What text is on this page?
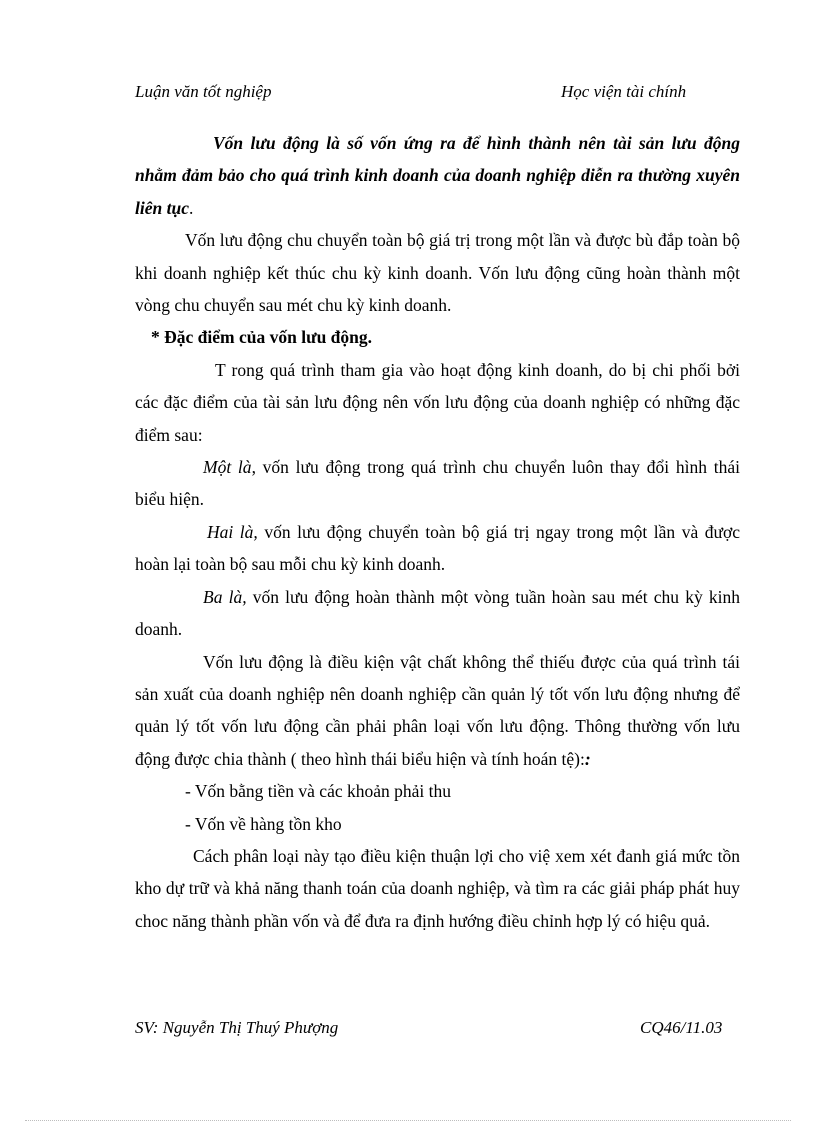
Luận văn tốt nghiệp	Học viện tài chính

Vốn lưu động là số vốn ứng ra để hình thành nên tài sản lưu động nhằm đảm bảo cho quá trình kinh doanh của doanh nghiệp diễn ra thường xuyên liên tục.

Vốn lưu động chu chuyển toàn bộ giá trị trong một lần và được bù đắp toàn bộ khi doanh nghiệp kết thúc chu kỳ kinh doanh. Vốn lưu động cũng hoàn thành một vòng chu chuyển sau mét chu kỳ kinh doanh.

* Đặc điểm của vốn lưu động.

T rong quá trình tham gia vào hoạt động kinh doanh, do bị chi phối bởi các đặc điểm của tài sản lưu động nên vốn lưu động của doanh nghiệp có những đặc điểm sau:

Một là, vốn lưu động trong quá trình chu chuyển luôn thay đổi hình thái biểu hiện.

Hai là, vốn lưu động chuyển toàn bộ giá trị ngay trong một lần và được hoàn lại toàn bộ sau mỗi chu kỳ kinh doanh.

Ba là, vốn lưu động hoàn thành một vòng tuần hoàn sau mét chu kỳ kinh doanh.

Vốn lưu động là điều kiện vật chất không thể thiếu được của quá trình tái sản xuất của doanh nghiệp nên doanh nghiệp cần quản lý tốt vốn lưu động nhưng để quản lý tốt vốn lưu động cần phải phân loại vốn lưu động. Thông thường vốn lưu động được chia thành ( theo hình thái biểu hiện và tính hoán tệ)::

- Vốn bằng tiền và các khoản phải thu

- Vốn về hàng tồn kho

Cách phân loại này tạo điều kiện thuận lợi cho việ xem xét đanh giá mức tồn kho dự trữ và khả năng thanh toán của doanh nghiệp, và tìm ra các giải pháp phát huy choc năng thành phần vốn và để đưa ra định hướng điều chỉnh hợp lý có hiệu quả.

SV: Nguyễn Thị Thuý Phượng	CQ46/11.03
